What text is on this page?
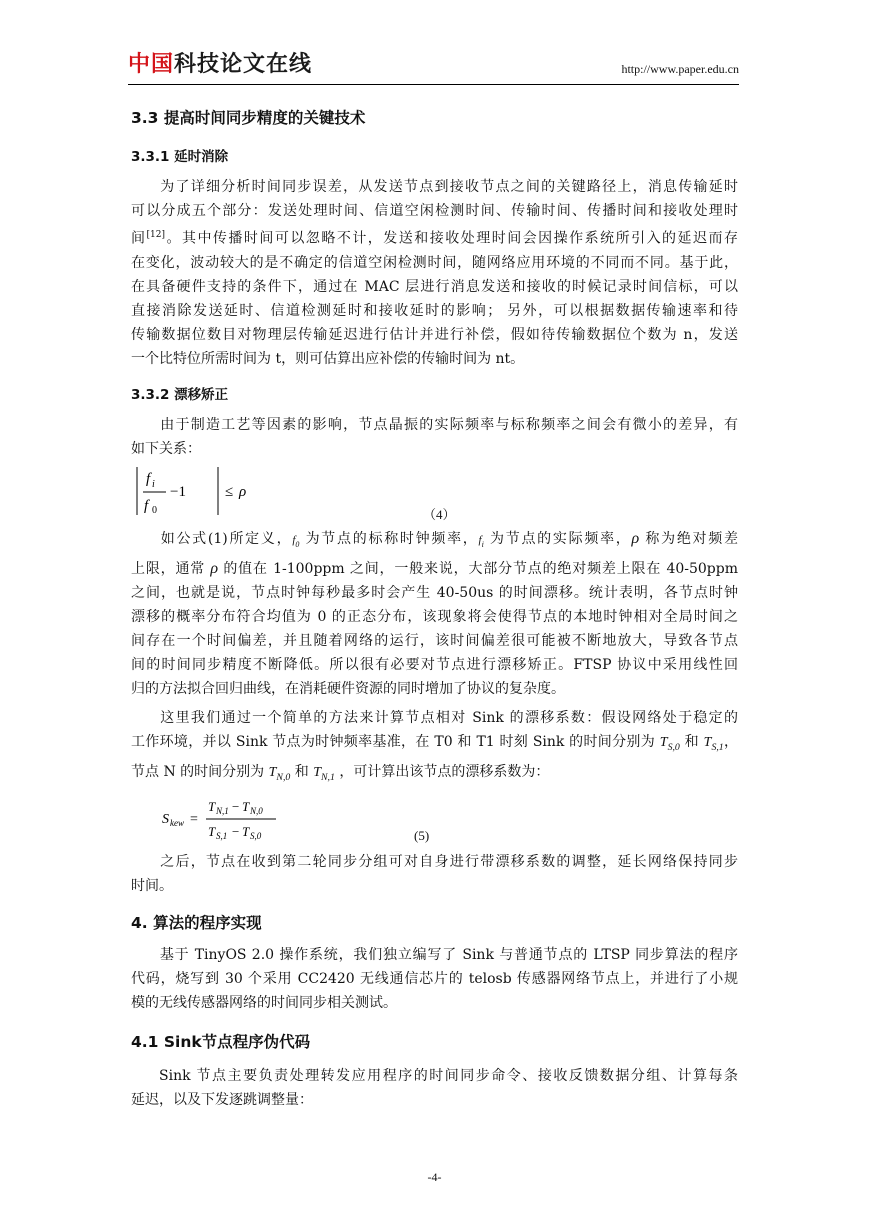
中国科技论文在线	http://www.paper.edu.cn
3.3 提高时间同步精度的关键技术
3.3.1 延时消除
为了详细分析时间同步误差，从发送节点到接收节点之间的关键路径上，消息传输延时
可以分成五个部分：发送处理时间、信道空闲检测时间、传输时间、传播时间和接收处理时
间[12]。其中传播时间可以忽略不计，发送和接收处理时间会因操作系统所引入的延迟而存
在变化，波动较大的是不确定的信道空闲检测时间，随网络应用环境的不同而不同。基于此，
在具备硬件支持的条件下，通过在 MAC 层进行消息发送和接收的时候记录时间信标，可以
直接消除发送延时、信道检测延时和接收延时的影响； 另外，可以根据数据传输速率和待
传输数据位数目对物理层传输延迟进行估计并进行补偿，假如待传输数据位个数为 n，发送
一个比特位所需时间为 t，则可估算出应补偿的传输时间为 nt。
3.3.2 漂移矫正
由于制造工艺等因素的影响，节点晶振的实际频率与标称频率之间会有微小的差异，有
如下关系：
f i
f 0
−1	≤ ρ
（4）
如公式(1)所定义，$f_0$ 为节点的标称时钟频率，$f_i$ 为节点的实际频率，ρ 称为绝对频差
上限，通常 ρ 的值在 1-100ppm 之间，一般来说，大部分节点的绝对频差上限在 40-50ppm
之间，也就是说，节点时钟每秒最多时会产生 40-50us 的时间漂移。统计表明，各节点时钟
漂移的概率分布符合均值为 0 的正态分布，该现象将会使得节点的本地时钟相对全局时间之
间存在一个时间偏差，并且随着网络的运行，该时间偏差很可能被不断地放大，导致各节点
间的时间同步精度不断降低。所以很有必要对节点进行漂移矫正。FTSP 协议中采用线性回
归的方法拟合回归曲线，在消耗硬件资源的同时增加了协议的复杂度。
这里我们通过一个简单的方法来计算节点相对 Sink 的漂移系数：假设网络处于稳定的
工作环境，并以 Sink 节点为时钟频率基准，在 T0 和 T1 时刻 Sink 的时间分别为 $T_{S,0}$ 和 $T_{S,1}$，
节点 N 的时间分别为 $T_{N,0}$ 和 $T_{N,1}$ ，可计算出该节点的漂移系数为：
S kew =
T N,1 − T N,0
T S,1 − T S,0	(5)
之后，节点在收到第二轮同步分组可对自身进行带漂移系数的调整，延长网络保持同步
时间。
4. 算法的程序实现
基于 TinyOS 2.0 操作系统，我们独立编写了 Sink 与普通节点的 LTSP 同步算法的程序
代码，烧写到 30 个采用 CC2420 无线通信芯片的 telosb 传感器网络节点上，并进行了小规
模的无线传感器网络的时间同步相关测试。
4.1 Sink节点程序伪代码
Sink 节点主要负责处理转发应用程序的时间同步命令、接收反馈数据分组、计算每条
延迟，以及下发逐跳调整量：
-4-
